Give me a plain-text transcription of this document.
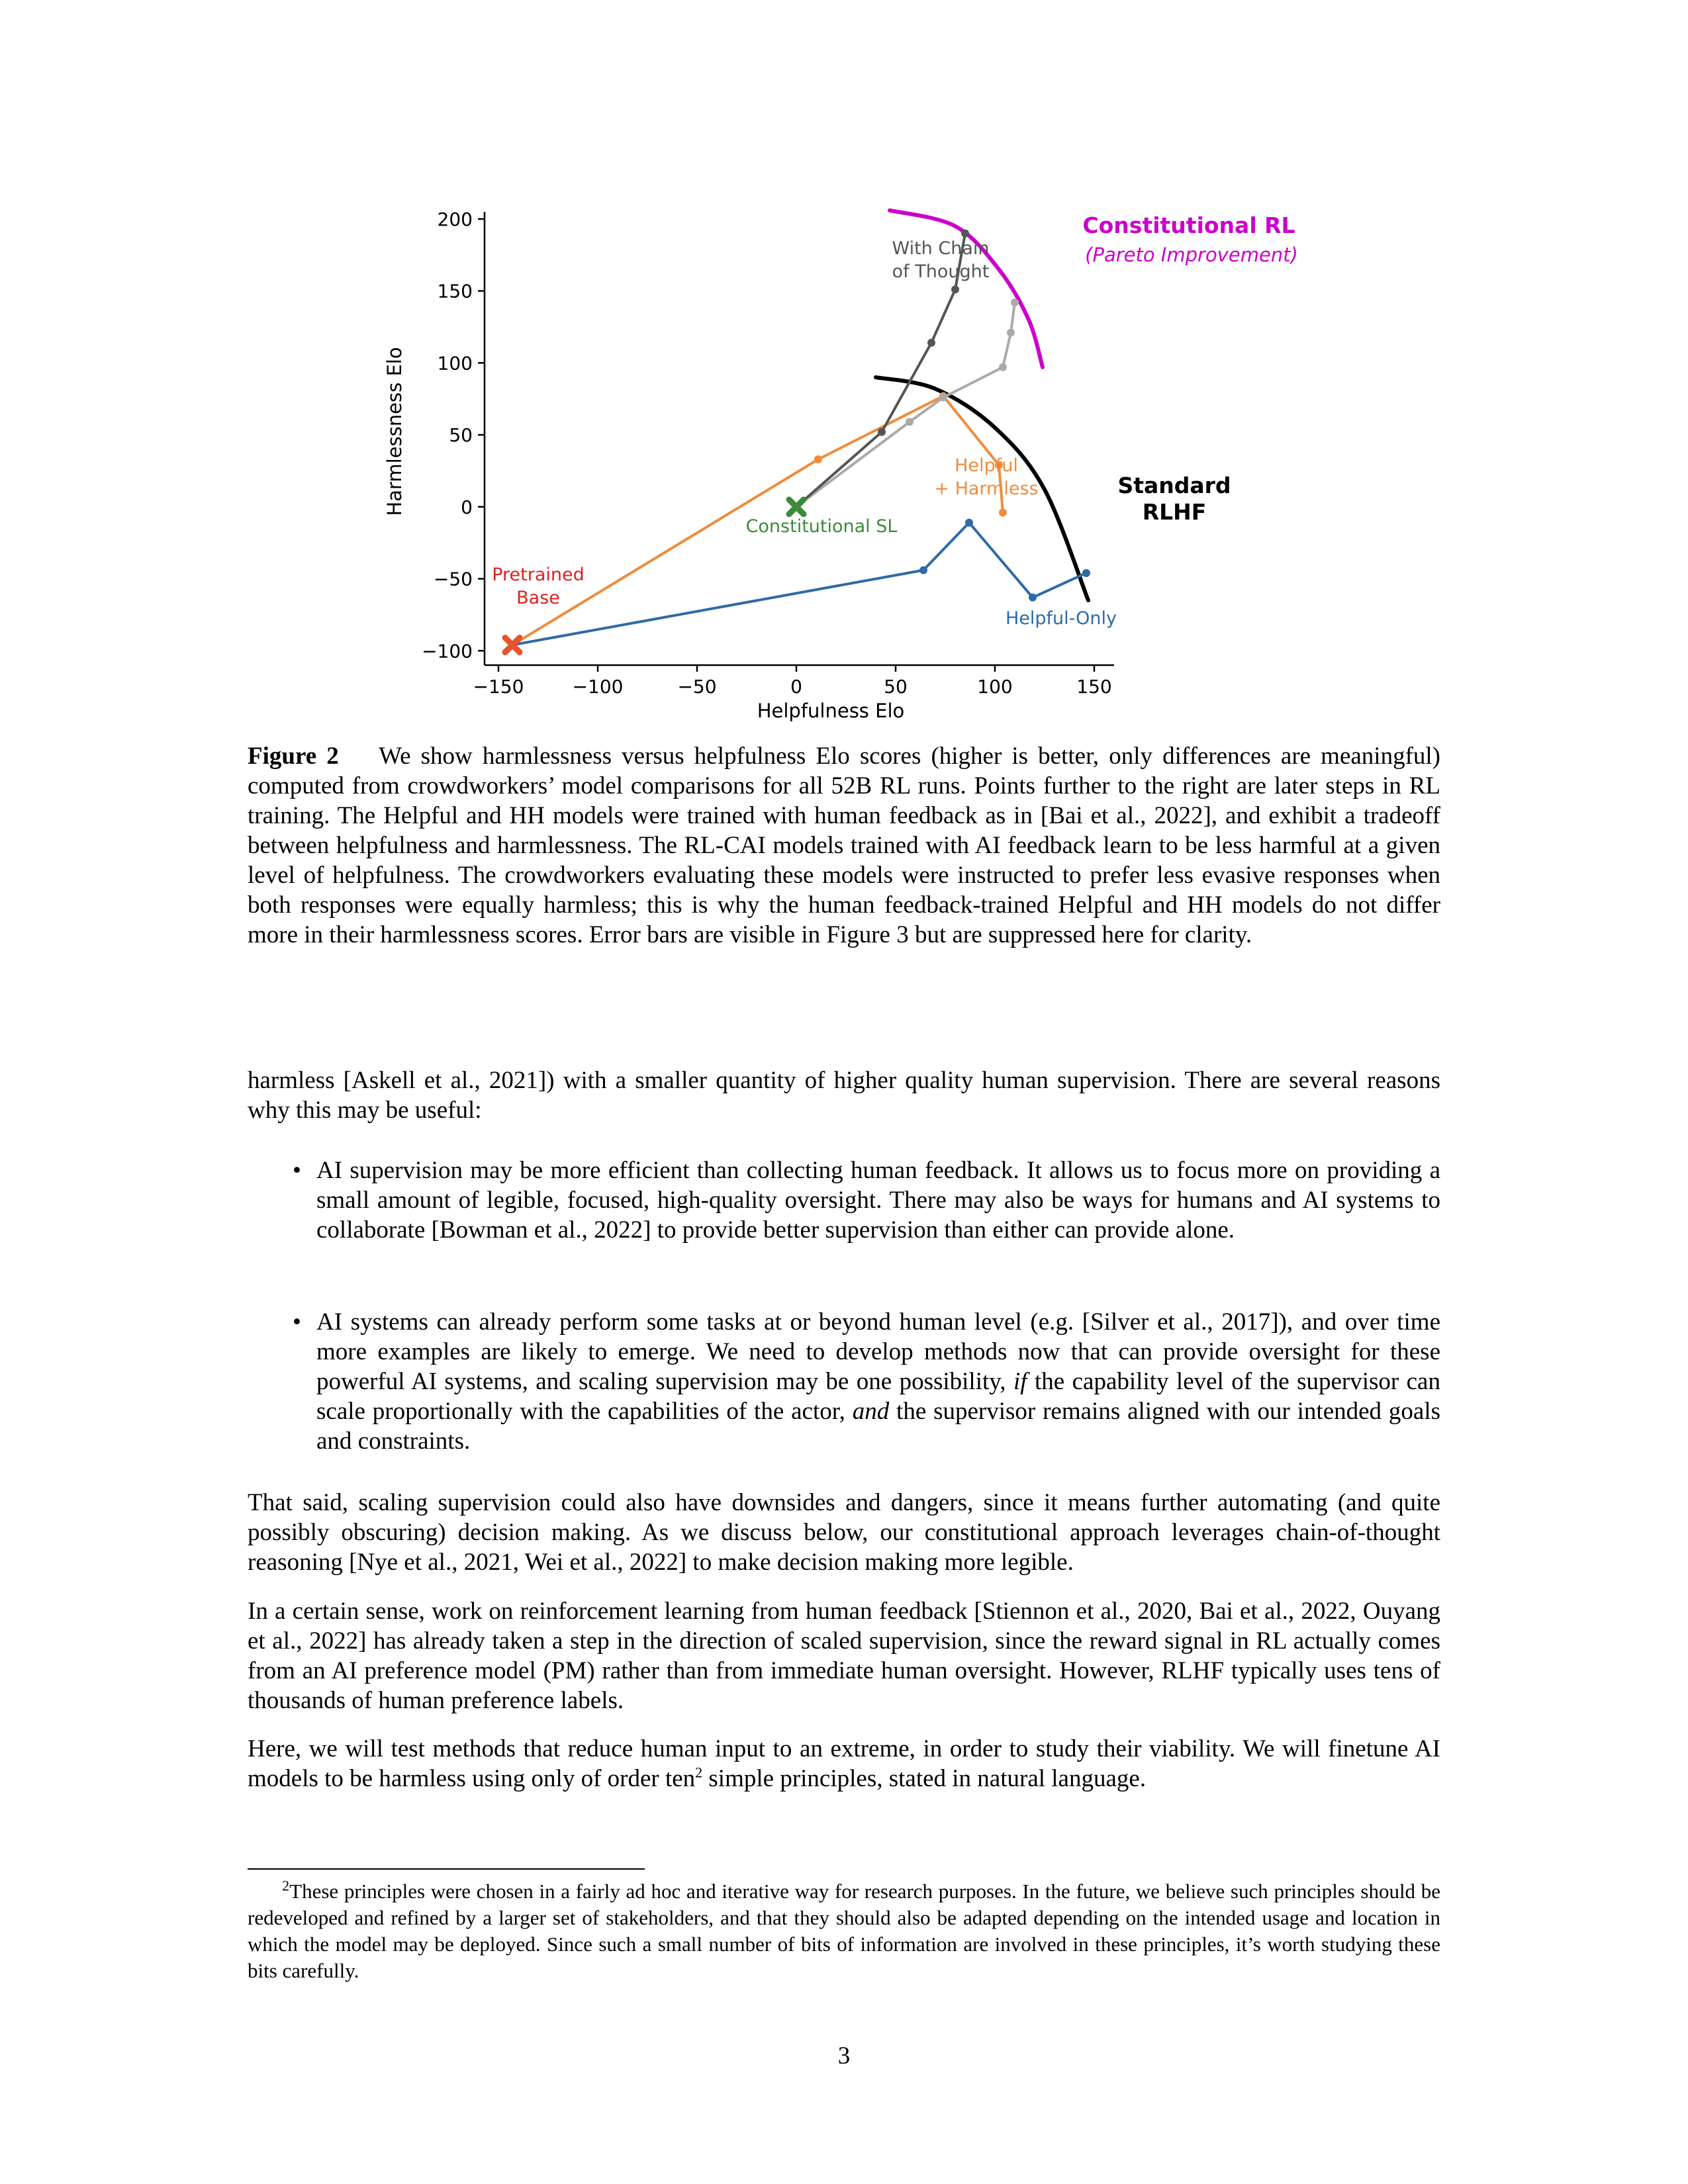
−150	−100	−50	0	50	100	150
−100
−50
0
50
100
150
200
Harmlessness Elo
Helpfulness Elo
With Chain
of Thought
Constitutional RL
(Pareto Improvement)
Standard
RLHF
Helpful
+ Harmless
Constitutional SL
Pretrained
Base
Helpful-Only
Figure 2 We show harmlessness versus helpfulness Elo scores (higher is better, only differences are meaningful) computed from crowdworkers’ model comparisons for all 52B RL runs. Points further to the right are later steps in RL training. The Helpful and HH models were trained with human feedback as in [Bai et al., 2022], and exhibit a tradeoff between helpfulness and harmlessness. The RL-CAI models trained with AI feedback learn to be less harmful at a given level of helpfulness. The crowdworkers evaluating these models were instructed to prefer less evasive responses when both responses were equally harmless; this is why the human feedback-trained Helpful and HH models do not differ more in their harmlessness scores. Error bars are visible in Figure 3 but are suppressed here for clarity.
harmless [Askell et al., 2021]) with a smaller quantity of higher quality human supervision. There are several reasons why this may be useful:
• AI supervision may be more efficient than collecting human feedback. It allows us to focus more on providing a small amount of legible, focused, high-quality oversight. There may also be ways for humans and AI systems to collaborate [Bowman et al., 2022] to provide better supervision than either can provide alone.
• AI systems can already perform some tasks at or beyond human level (e.g. [Silver et al., 2017]), and over time more examples are likely to emerge. We need to develop methods now that can provide oversight for these powerful AI systems, and scaling supervision may be one possibility, if the capability level of the supervisor can scale proportionally with the capabilities of the actor, and the supervisor remains aligned with our intended goals and constraints.
That said, scaling supervision could also have downsides and dangers, since it means further automating (and quite possibly obscuring) decision making. As we discuss below, our constitutional approach leverages chain-of-thought reasoning [Nye et al., 2021, Wei et al., 2022] to make decision making more legible.
In a certain sense, work on reinforcement learning from human feedback [Stiennon et al., 2020, Bai et al., 2022, Ouyang et al., 2022] has already taken a step in the direction of scaled supervision, since the reward signal in RL actually comes from an AI preference model (PM) rather than from immediate human oversight. However, RLHF typically uses tens of thousands of human preference labels.
Here, we will test methods that reduce human input to an extreme, in order to study their viability. We will finetune AI models to be harmless using only of order ten$^2$ simple principles, stated in natural language.
$^2$These principles were chosen in a fairly ad hoc and iterative way for research purposes. In the future, we believe such principles should be redeveloped and refined by a larger set of stakeholders, and that they should also be adapted depending on the intended usage and location in which the model may be deployed. Since such a small number of bits of information are involved in these principles, it’s worth studying these bits carefully.
3
